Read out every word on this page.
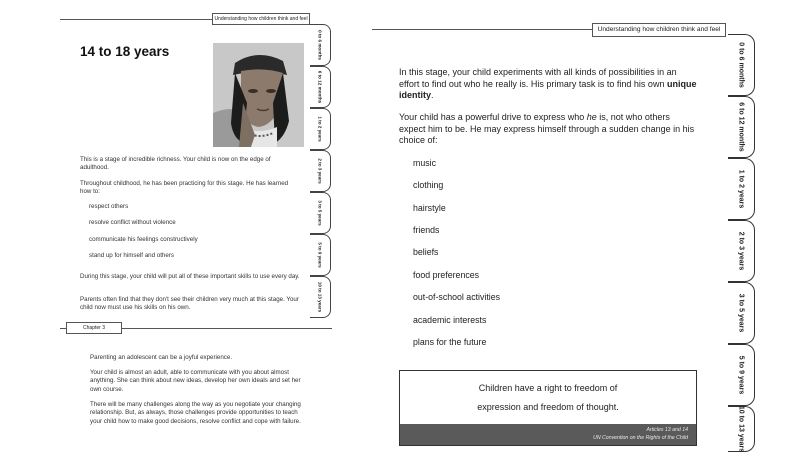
Understanding how children think and feel
14 to 18 years
This is a stage of incredible richness. Your child is now on the edge of adulthood.
Throughout childhood, he has been practicing for this stage. He has learned how to:
respect others
resolve conflict without violence
communicate his feelings constructively
stand up for himself and others
During this stage, your child will put all of these important skills to use every day.
Parents often find that they don't see their children very much at this stage. Your child now must use his skills on his own.
0 to 6 months
6 to 12 months
1 to 2 years
2 to 3 years
3 to 5 years
5 to 9 years
10 to 13 years
Chapter 3
Parenting an adolescent can be a joyful experience.
Your child is almost an adult, able to communicate with you about almost anything. She can think about new ideas, develop her own ideals and set her own course.
There will be many challenges along the way as you negotiate your changing relationship. But, as always, those challenges provide opportunities to teach your child how to make good decisions, resolve conflict and cope with failure.
Understanding how children think and feel
In this stage, your child experiments with all kinds of possibilities in an effort to find out who he really is. His primary task is to find his own unique identity.
Your child has a powerful drive to express who he is, not who others expect him to be. He may express himself through a sudden change in his choice of:
music
clothing
hairstyle
friends
beliefs
food preferences
out-of-school activities
academic interests
plans for the future
Children have a right to freedom of
expression and freedom of thought.
Articles 13 and 14
UN Convention on the Rights of the Child
0 to 6 months
6 to 12 months
1 to 2 years
2 to 3 years
3 to 5 years
5 to 9 years
10 to 13 years
